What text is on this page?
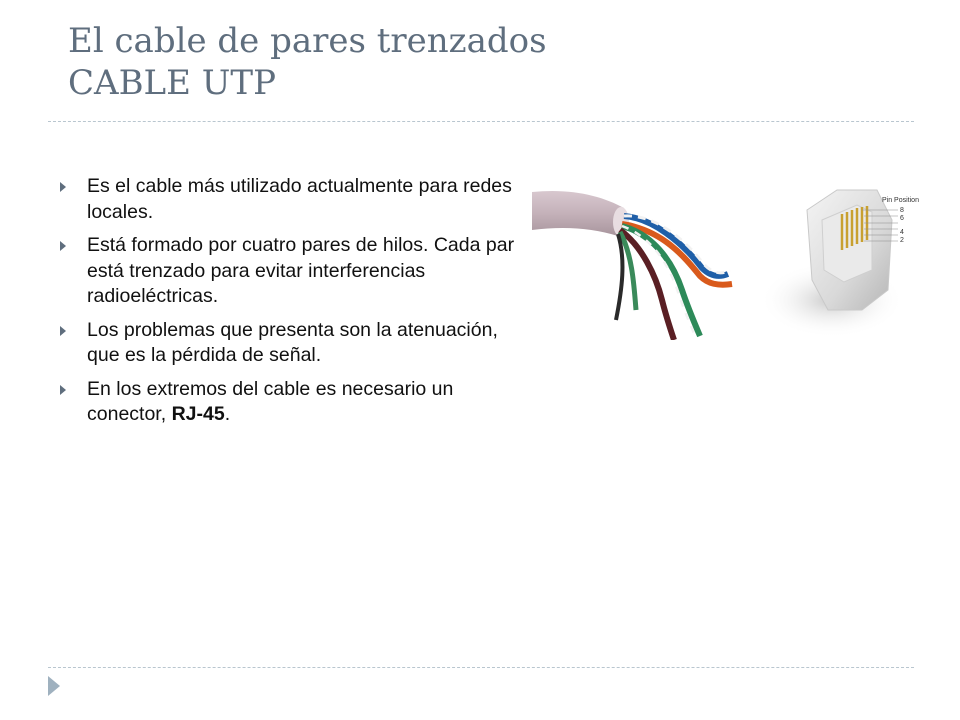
El cable de pares trenzados
CABLE UTP
Es el cable más utilizado actualmente para redes locales.
Está formado por cuatro pares de hilos. Cada par está trenzado para evitar interferencias radioeléctricas.
Los problemas que presenta son la atenuación, que es la pérdida de señal.
En los extremos del cable es necesario un conector, RJ-45.
Pin Position
8
6
4
2
